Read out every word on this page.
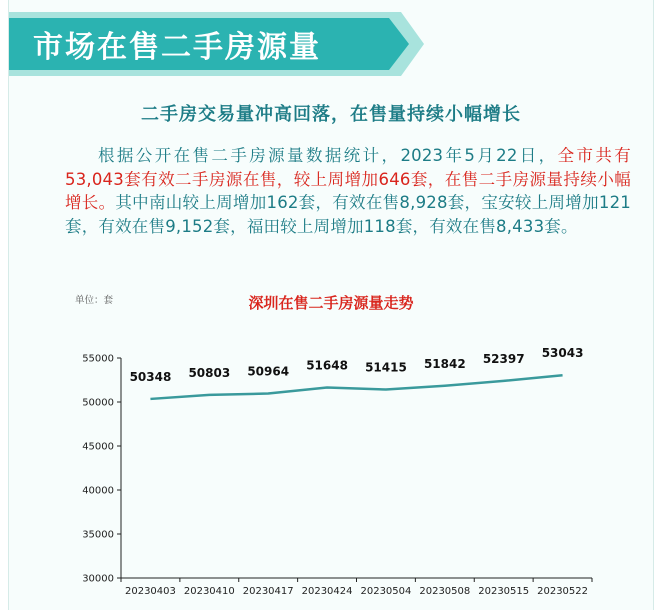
市场在售二手房源量
二手房交易量冲高回落，在售量持续小幅增长
根据公开在售二手房源量数据统计，2023年5月22日，全市共有53,043套有效二手房源在售，较上周增加646套，在售二手房源量持续小幅增长。其中南山较上周增加162套，有效在售8,928套，宝安较上周增加121套，有效在售9,152套，福田较上周增加118套，有效在售8,433套。
单位：套	深圳在售二手房源量走势
30000
35000
40000
45000
50000
55000
20230403 20230410 20230417 20230424 20230504 20230508 20230515 20230522
50348 50803 50964 51648 51415 51842 52397 53043
